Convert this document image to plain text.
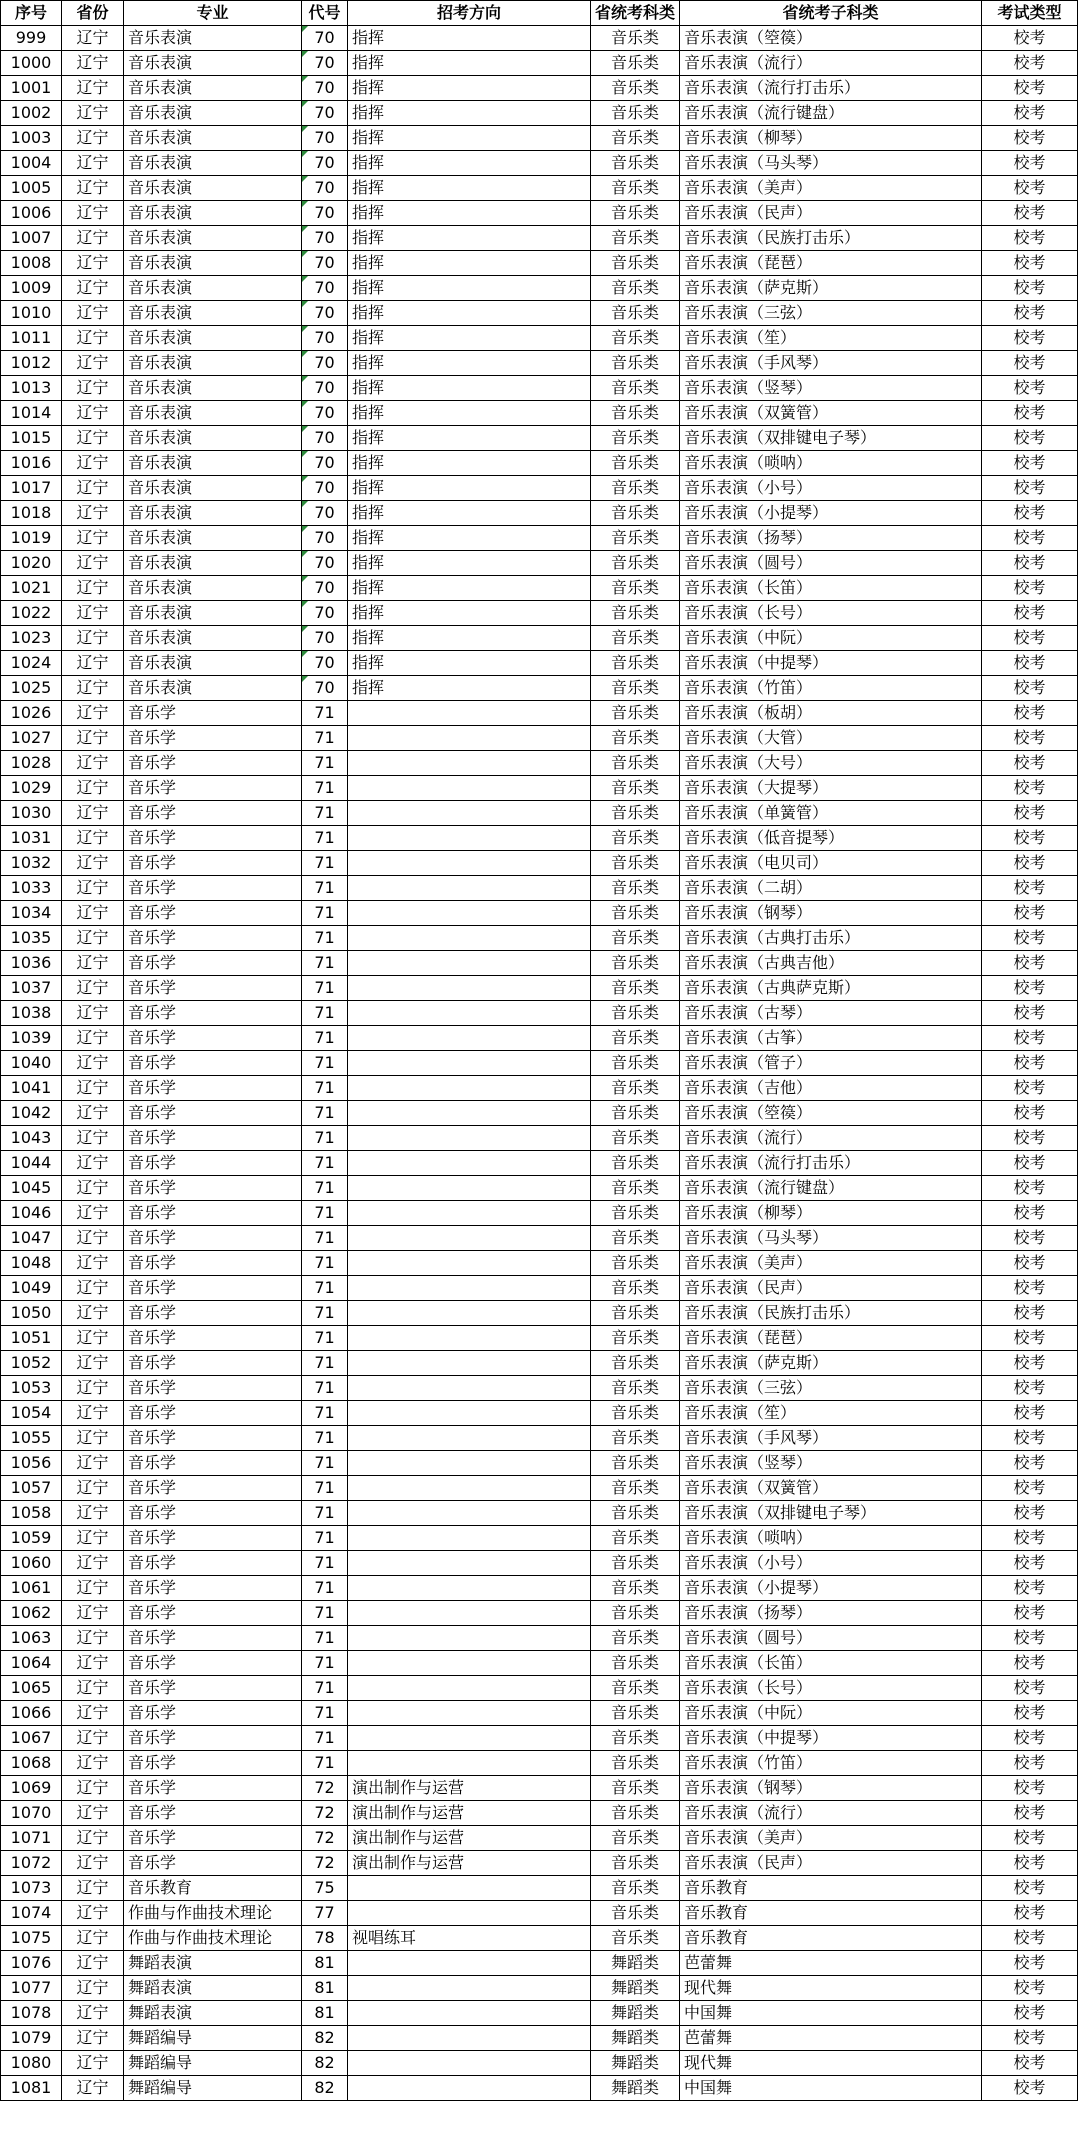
序号	省份	专业	代号	招考方向	省统考科类	省统考子科类	考试类型
999	辽宁	音乐表演	70	指挥	音乐类	音乐表演（箜篌）	校考
1000	辽宁	音乐表演	70	指挥	音乐类	音乐表演（流行）	校考
1001	辽宁	音乐表演	70	指挥	音乐类	音乐表演（流行打击乐）	校考
1002	辽宁	音乐表演	70	指挥	音乐类	音乐表演（流行键盘）	校考
1003	辽宁	音乐表演	70	指挥	音乐类	音乐表演（柳琴）	校考
1004	辽宁	音乐表演	70	指挥	音乐类	音乐表演（马头琴）	校考
1005	辽宁	音乐表演	70	指挥	音乐类	音乐表演（美声）	校考
1006	辽宁	音乐表演	70	指挥	音乐类	音乐表演（民声）	校考
1007	辽宁	音乐表演	70	指挥	音乐类	音乐表演（民族打击乐）	校考
1008	辽宁	音乐表演	70	指挥	音乐类	音乐表演（琵琶）	校考
1009	辽宁	音乐表演	70	指挥	音乐类	音乐表演（萨克斯）	校考
1010	辽宁	音乐表演	70	指挥	音乐类	音乐表演（三弦）	校考
1011	辽宁	音乐表演	70	指挥	音乐类	音乐表演（笙）	校考
1012	辽宁	音乐表演	70	指挥	音乐类	音乐表演（手风琴）	校考
1013	辽宁	音乐表演	70	指挥	音乐类	音乐表演（竖琴）	校考
1014	辽宁	音乐表演	70	指挥	音乐类	音乐表演（双簧管）	校考
1015	辽宁	音乐表演	70	指挥	音乐类	音乐表演（双排键电子琴）	校考
1016	辽宁	音乐表演	70	指挥	音乐类	音乐表演（唢呐）	校考
1017	辽宁	音乐表演	70	指挥	音乐类	音乐表演（小号）	校考
1018	辽宁	音乐表演	70	指挥	音乐类	音乐表演（小提琴）	校考
1019	辽宁	音乐表演	70	指挥	音乐类	音乐表演（扬琴）	校考
1020	辽宁	音乐表演	70	指挥	音乐类	音乐表演（圆号）	校考
1021	辽宁	音乐表演	70	指挥	音乐类	音乐表演（长笛）	校考
1022	辽宁	音乐表演	70	指挥	音乐类	音乐表演（长号）	校考
1023	辽宁	音乐表演	70	指挥	音乐类	音乐表演（中阮）	校考
1024	辽宁	音乐表演	70	指挥	音乐类	音乐表演（中提琴）	校考
1025	辽宁	音乐表演	70	指挥	音乐类	音乐表演（竹笛）	校考
1026	辽宁	音乐学	71		音乐类	音乐表演（板胡）	校考
1027	辽宁	音乐学	71		音乐类	音乐表演（大管）	校考
1028	辽宁	音乐学	71		音乐类	音乐表演（大号）	校考
1029	辽宁	音乐学	71		音乐类	音乐表演（大提琴）	校考
1030	辽宁	音乐学	71		音乐类	音乐表演（单簧管）	校考
1031	辽宁	音乐学	71		音乐类	音乐表演（低音提琴）	校考
1032	辽宁	音乐学	71		音乐类	音乐表演（电贝司）	校考
1033	辽宁	音乐学	71		音乐类	音乐表演（二胡）	校考
1034	辽宁	音乐学	71		音乐类	音乐表演（钢琴）	校考
1035	辽宁	音乐学	71		音乐类	音乐表演（古典打击乐）	校考
1036	辽宁	音乐学	71		音乐类	音乐表演（古典吉他）	校考
1037	辽宁	音乐学	71		音乐类	音乐表演（古典萨克斯）	校考
1038	辽宁	音乐学	71		音乐类	音乐表演（古琴）	校考
1039	辽宁	音乐学	71		音乐类	音乐表演（古筝）	校考
1040	辽宁	音乐学	71		音乐类	音乐表演（管子）	校考
1041	辽宁	音乐学	71		音乐类	音乐表演（吉他）	校考
1042	辽宁	音乐学	71		音乐类	音乐表演（箜篌）	校考
1043	辽宁	音乐学	71		音乐类	音乐表演（流行）	校考
1044	辽宁	音乐学	71		音乐类	音乐表演（流行打击乐）	校考
1045	辽宁	音乐学	71		音乐类	音乐表演（流行键盘）	校考
1046	辽宁	音乐学	71		音乐类	音乐表演（柳琴）	校考
1047	辽宁	音乐学	71		音乐类	音乐表演（马头琴）	校考
1048	辽宁	音乐学	71		音乐类	音乐表演（美声）	校考
1049	辽宁	音乐学	71		音乐类	音乐表演（民声）	校考
1050	辽宁	音乐学	71		音乐类	音乐表演（民族打击乐）	校考
1051	辽宁	音乐学	71		音乐类	音乐表演（琵琶）	校考
1052	辽宁	音乐学	71		音乐类	音乐表演（萨克斯）	校考
1053	辽宁	音乐学	71		音乐类	音乐表演（三弦）	校考
1054	辽宁	音乐学	71		音乐类	音乐表演（笙）	校考
1055	辽宁	音乐学	71		音乐类	音乐表演（手风琴）	校考
1056	辽宁	音乐学	71		音乐类	音乐表演（竖琴）	校考
1057	辽宁	音乐学	71		音乐类	音乐表演（双簧管）	校考
1058	辽宁	音乐学	71		音乐类	音乐表演（双排键电子琴）	校考
1059	辽宁	音乐学	71		音乐类	音乐表演（唢呐）	校考
1060	辽宁	音乐学	71		音乐类	音乐表演（小号）	校考
1061	辽宁	音乐学	71		音乐类	音乐表演（小提琴）	校考
1062	辽宁	音乐学	71		音乐类	音乐表演（扬琴）	校考
1063	辽宁	音乐学	71		音乐类	音乐表演（圆号）	校考
1064	辽宁	音乐学	71		音乐类	音乐表演（长笛）	校考
1065	辽宁	音乐学	71		音乐类	音乐表演（长号）	校考
1066	辽宁	音乐学	71		音乐类	音乐表演（中阮）	校考
1067	辽宁	音乐学	71		音乐类	音乐表演（中提琴）	校考
1068	辽宁	音乐学	71		音乐类	音乐表演（竹笛）	校考
1069	辽宁	音乐学	72	演出制作与运营	音乐类	音乐表演（钢琴）	校考
1070	辽宁	音乐学	72	演出制作与运营	音乐类	音乐表演（流行）	校考
1071	辽宁	音乐学	72	演出制作与运营	音乐类	音乐表演（美声）	校考
1072	辽宁	音乐学	72	演出制作与运营	音乐类	音乐表演（民声）	校考
1073	辽宁	音乐教育	75		音乐类	音乐教育	校考
1074	辽宁	作曲与作曲技术理论	77		音乐类	音乐教育	校考
1075	辽宁	作曲与作曲技术理论	78	视唱练耳	音乐类	音乐教育	校考
1076	辽宁	舞蹈表演	81		舞蹈类	芭蕾舞	校考
1077	辽宁	舞蹈表演	81		舞蹈类	现代舞	校考
1078	辽宁	舞蹈表演	81		舞蹈类	中国舞	校考
1079	辽宁	舞蹈编导	82		舞蹈类	芭蕾舞	校考
1080	辽宁	舞蹈编导	82		舞蹈类	现代舞	校考
1081	辽宁	舞蹈编导	82		舞蹈类	中国舞	校考
